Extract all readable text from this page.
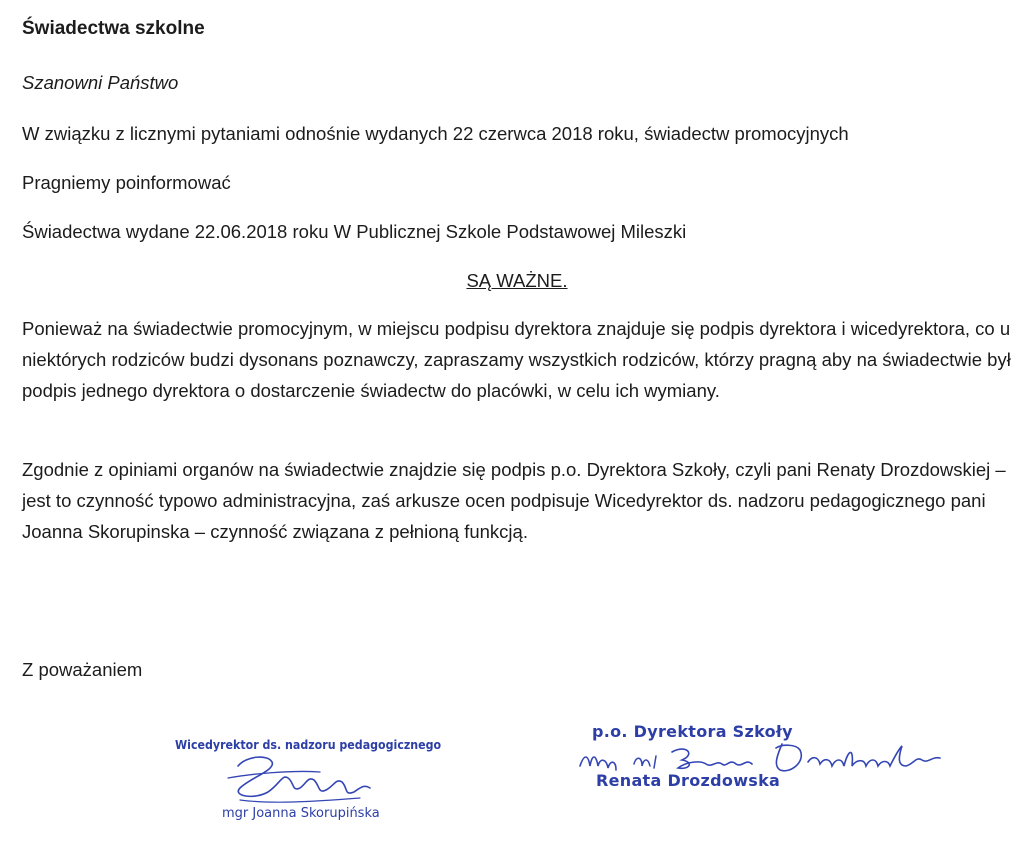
Świadectwa szkolne
Szanowni Państwo
W związku z licznymi pytaniami odnośnie wydanych 22 czerwca 2018 roku, świadectw promocyjnych
Pragniemy poinformować
Świadectwa wydane 22.06.2018 roku W Publicznej Szkole Podstawowej Mileszki
SĄ WAŻNE.
Ponieważ na świadectwie promocyjnym, w miejscu podpisu dyrektora znajduje się podpis dyrektora i wicedyrektora, co u niektórych rodziców budzi dysonans poznawczy, zapraszamy wszystkich rodziców, którzy pragną aby na świadectwie był podpis jednego dyrektora o dostarczenie świadectw do placówki, w celu ich wymiany.
Zgodnie z opiniami organów na świadectwie znajdzie się podpis p.o. Dyrektora Szkoły, czyli pani Renaty Drozdowskiej – jest to czynność typowo administracyjna, zaś arkusze ocen podpisuje Wicedyrektor ds. nadzoru pedagogicznego pani Joanna Skorupinska – czynność związana z pełnioną funkcją.
Z poważaniem
Wicedyrektor ds. nadzoru pedagogicznego
mgr Joanna Skorupińska
p.o. Dyrektora Szkoły
Renata Drozdowska
